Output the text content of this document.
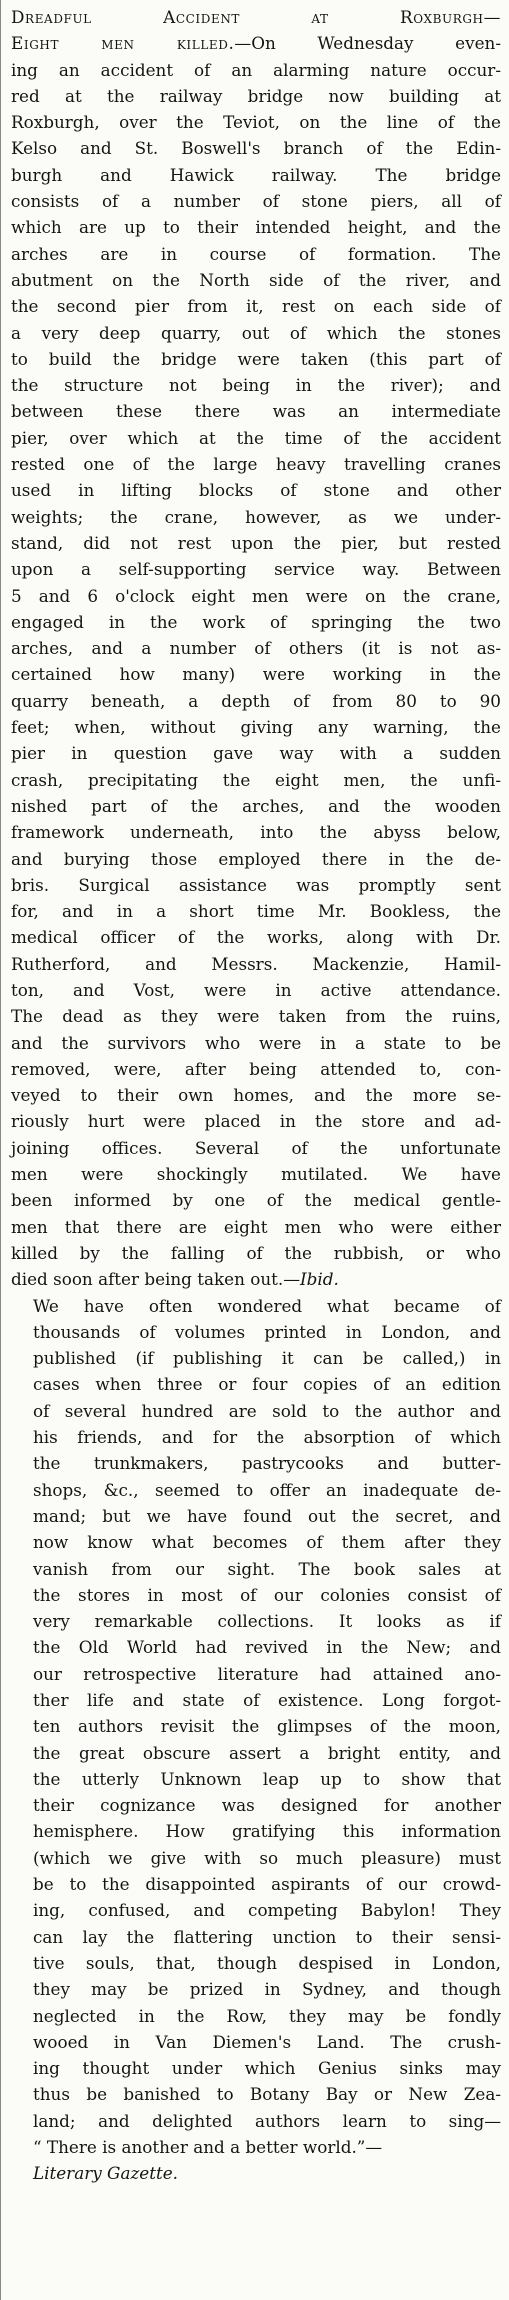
Dreadful Accident at Roxburgh—
Eight men killed.—On Wednesday even-
ing an accident of an alarming nature occur-
red at the railway bridge now building at
Roxburgh, over the Teviot, on the line of the
Kelso and St. Boswell's branch of the Edin-
burgh and Hawick railway. The bridge
consists of a number of stone piers, all of
which are up to their intended height, and the
arches are in course of formation. The
abutment on the North side of the river, and
the second pier from it, rest on each side of
a very deep quarry, out of which the stones
to build the bridge were taken (this part of
the structure not being in the river); and
between these there was an intermediate
pier, over which at the time of the accident
rested one of the large heavy travelling cranes
used in lifting blocks of stone and other
weights; the crane, however, as we under-
stand, did not rest upon the pier, but rested
upon a self-supporting service way. Between
5 and 6 o'clock eight men were on the crane,
engaged in the work of springing the two
arches, and a number of others (it is not as-
certained how many) were working in the
quarry beneath, a depth of from 80 to 90
feet; when, without giving any warning, the
pier in question gave way with a sudden
crash, precipitating the eight men, the unfi-
nished part of the arches, and the wooden
framework underneath, into the abyss below,
and burying those employed there in the de-
bris. Surgical assistance was promptly sent
for, and in a short time Mr. Bookless, the
medical officer of the works, along with Dr.
Rutherford, and Messrs. Mackenzie, Hamil-
ton, and Vost, were in active attendance.
The dead as they were taken from the ruins,
and the survivors who were in a state to be
removed, were, after being attended to, con-
veyed to their own homes, and the more se-
riously hurt were placed in the store and ad-
joining offices. Several of the unfortunate
men were shockingly mutilated. We have
been informed by one of the medical gentle-
men that there are eight men who were either
killed by the falling of the rubbish, or who
died soon after being taken out.—Ibid.

We have often wondered what became of
thousands of volumes printed in London, and
published (if publishing it can be called,) in
cases when three or four copies of an edition
of several hundred are sold to the author and
his friends, and for the absorption of which
the trunkmakers, pastrycooks and butter-
shops, &c., seemed to offer an inadequate de-
mand; but we have found out the secret, and
now know what becomes of them after they
vanish from our sight. The book sales at
the stores in most of our colonies consist of
very remarkable collections. It looks as if
the Old World had revived in the New; and
our retrospective literature had attained ano-
ther life and state of existence. Long forgot-
ten authors revisit the glimpses of the moon,
the great obscure assert a bright entity, and
the utterly Unknown leap up to show that
their cognizance was designed for another
hemisphere. How gratifying this information
(which we give with so much pleasure) must
be to the disappointed aspirants of our crowd-
ing, confused, and competing Babylon! They
can lay the flattering unction to their sensi-
tive souls, that, though despised in London,
they may be prized in Sydney, and though
neglected in the Row, they may be fondly
wooed in Van Diemen's Land. The crush-
ing thought under which Genius sinks may
thus be banished to Botany Bay or New Zea-
land; and delighted authors learn to sing—
“ There is another and a better world.”—
Literary Gazette.
